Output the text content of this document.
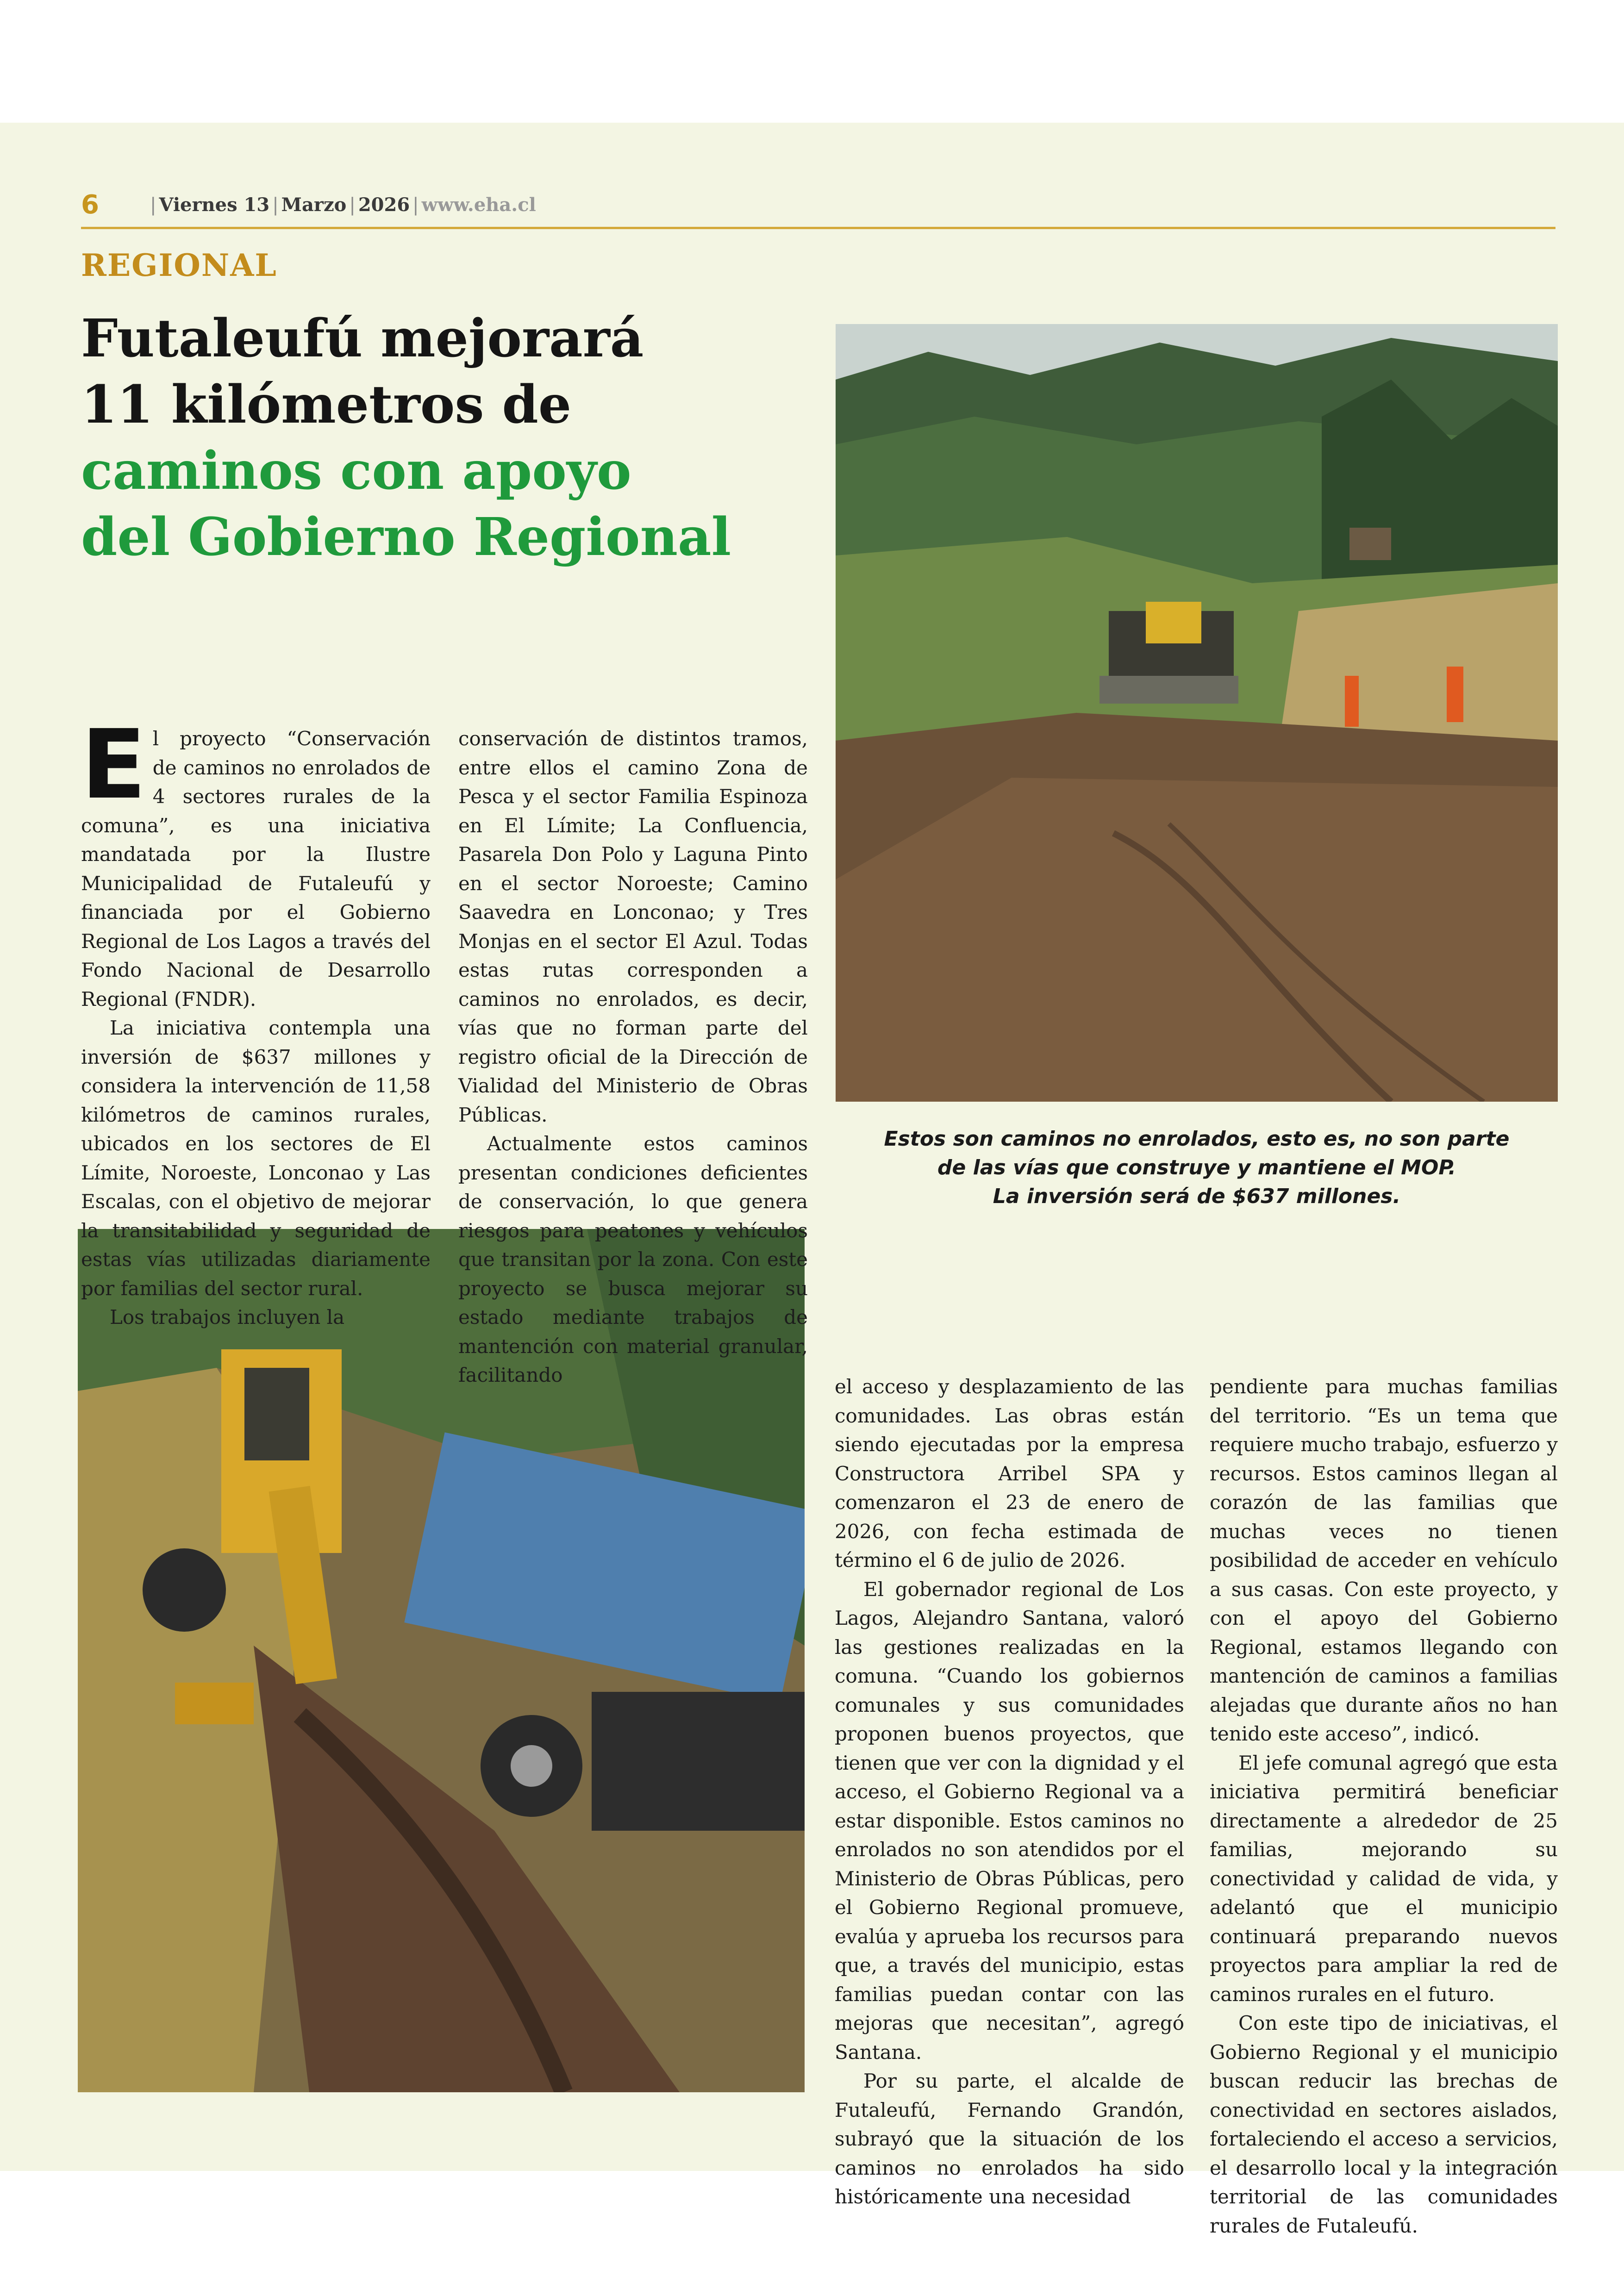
6	| Viernes 13 | Marzo | 2026 | www.eha.cl
REGIONAL
Futaleufú mejorará
11 kilómetros de
caminos con apoyo
del Gobierno Regional
Estos son caminos no enrolados, esto es, no son parte
de las vías que construye y mantiene el MOP.
La inversión será de $637 millones.

El proyecto “Conservación de caminos no enrolados de 4 sectores rurales de la comuna”, es una iniciativa mandatada por la Ilustre Municipalidad de Futaleufú y financiada por el Gobierno Regional de Los Lagos a través del Fondo Nacional de Desarrollo Regional (FNDR).

La iniciativa contempla una inversión de $637 millones y considera la intervención de 11,58 kilómetros de caminos rurales, ubicados en los sectores de El Límite, Noroeste, Lonconao y Las Escalas, con el objetivo de mejorar la transitabilidad y seguridad de estas vías utilizadas diariamente por familias del sector rural.

Los trabajos incluyen la

conservación de distintos tramos, entre ellos el camino Zona de Pesca y el sector Familia Espinoza en El Límite; La Confluencia, Pasarela Don Polo y Laguna Pinto en el sector Noroeste; Camino Saavedra en Lonconao; y Tres Monjas en el sector El Azul. Todas estas rutas corresponden a caminos no enrolados, es decir, vías que no forman parte del registro oficial de la Dirección de Vialidad del Ministerio de Obras Públicas.

Actualmente estos caminos presentan condiciones deficientes de conservación, lo que genera riesgos para peatones y vehículos que transitan por la zona. Con este proyecto se busca mejorar su estado mediante trabajos de mantención con material granular, facilitando

el acceso y desplazamiento de las comunidades. Las obras están siendo ejecutadas por la empresa Constructora Arribel SPA y comenzaron el 23 de enero de 2026, con fecha estimada de término el 6 de julio de 2026.

El gobernador regional de Los Lagos, Alejandro Santana, valoró las gestiones realizadas en la comuna. “Cuando los gobiernos comunales y sus comunidades proponen buenos proyectos, que tienen que ver con la dignidad y el acceso, el Gobierno Regional va a estar disponible. Estos caminos no enrolados no son atendidos por el Ministerio de Obras Públicas, pero el Gobierno Regional promueve, evalúa y aprueba los recursos para que, a través del municipio, estas familias puedan contar con las mejoras que necesitan”, agregó Santana.

Por su parte, el alcalde de Futaleufú, Fernando Grandón, subrayó que la situación de los caminos no enrolados ha sido históricamente una necesidad

pendiente para muchas familias del territorio. “Es un tema que requiere mucho trabajo, esfuerzo y recursos. Estos caminos llegan al corazón de las familias que muchas veces no tienen posibilidad de acceder en vehículo a sus casas. Con este proyecto, y con el apoyo del Gobierno Regional, estamos llegando con mantención de caminos a familias alejadas que durante años no han tenido este acceso”, indicó.

El jefe comunal agregó que esta iniciativa permitirá beneficiar directamente a alrededor de 25 familias, mejorando su conectividad y calidad de vida, y adelantó que el municipio continuará preparando nuevos proyectos para ampliar la red de caminos rurales en el futuro.

Con este tipo de iniciativas, el Gobierno Regional y el municipio buscan reducir las brechas de conectividad en sectores aislados, fortaleciendo el acceso a servicios, el desarrollo local y la integración territorial de las comunidades rurales de Futaleufú.
